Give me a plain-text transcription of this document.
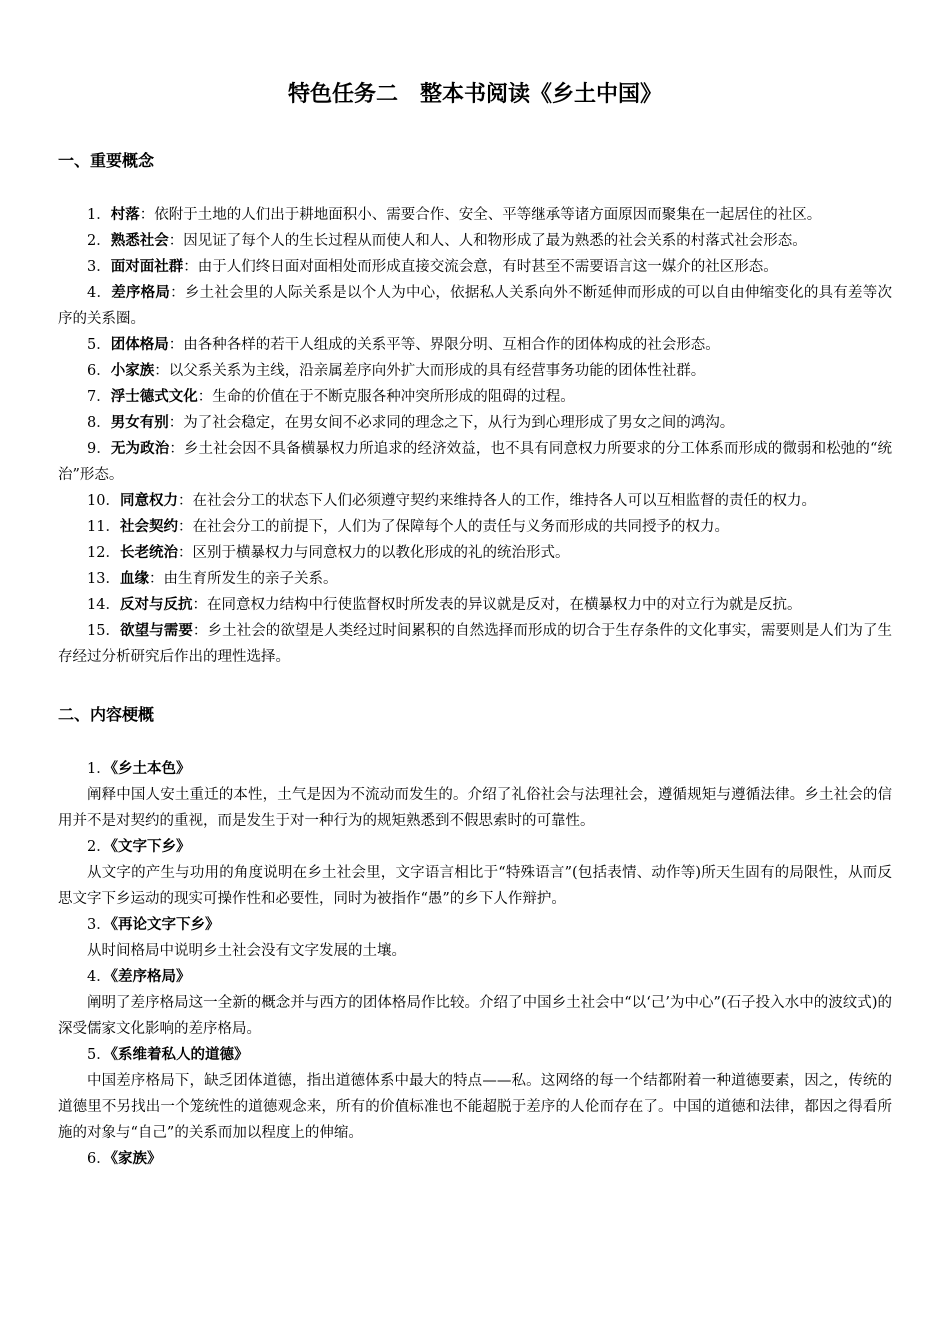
特色任务二　整本书阅读《乡土中国》
一、重要概念

1．村落：依附于土地的人们出于耕地面积小、需要合作、安全、平等继承等诸方面原因而聚集在一起居住的社区。

2．熟悉社会：因见证了每个人的生长过程从而使人和人、人和物形成了最为熟悉的社会关系的村落式社会形态。

3．面对面社群：由于人们终日面对面相处而形成直接交流会意，有时甚至不需要语言这一媒介的社区形态。

4．差序格局：乡土社会里的人际关系是以个人为中心，依据私人关系向外不断延伸而形成的可以自由伸缩变化的具有差等次序的关系圈。

5．团体格局：由各种各样的若干人组成的关系平等、界限分明、互相合作的团体构成的社会形态。

6．小家族：以父系关系为主线，沿亲属差序向外扩大而形成的具有经营事务功能的团体性社群。

7．浮士德式文化：生命的价值在于不断克服各种冲突所形成的阻碍的过程。

8．男女有别：为了社会稳定，在男女间不必求同的理念之下，从行为到心理形成了男女之间的鸿沟。

9．无为政治：乡土社会因不具备横暴权力所追求的经济效益，也不具有同意权力所要求的分工体系而形成的微弱和松弛的“统治”形态。

10．同意权力：在社会分工的状态下人们必须遵守契约来维持各人的工作，维持各人可以互相监督的责任的权力。

11．社会契约：在社会分工的前提下，人们为了保障每个人的责任与义务而形成的共同授予的权力。

12．长老统治：区别于横暴权力与同意权力的以教化形成的礼的统治形式。

13．血缘：由生育所发生的亲子关系。

14．反对与反抗：在同意权力结构中行使监督权时所发表的异议就是反对，在横暴权力中的对立行为就是反抗。

15．欲望与需要：乡土社会的欲望是人类经过时间累积的自然选择而形成的切合于生存条件的文化事实，需要则是人们为了生存经过分析研究后作出的理性选择。

二、内容梗概

1．《乡土本色》

阐释中国人安土重迁的本性，土气是因为不流动而发生的。介绍了礼俗社会与法理社会，遵循规矩与遵循法律。乡土社会的信用并不是对契约的重视，而是发生于对一种行为的规矩熟悉到不假思索时的可靠性。

2．《文字下乡》

从文字的产生与功用的角度说明在乡土社会里，文字语言相比于“特殊语言”(包括表情、动作等)所天生固有的局限性，从而反思文字下乡运动的现实可操作性和必要性，同时为被指作“愚”的乡下人作辩护。

3．《再论文字下乡》

从时间格局中说明乡土社会没有文字发展的土壤。

4．《差序格局》

阐明了差序格局这一全新的概念并与西方的团体格局作比较。介绍了中国乡土社会中“以‘己’为中心”(石子投入水中的波纹式)的深受儒家文化影响的差序格局。

5．《系维着私人的道德》

中国差序格局下，缺乏团体道德，指出道德体系中最大的特点——私。这网络的每一个结都附着一种道德要素，因之，传统的道德里不另找出一个笼统性的道德观念来，所有的价值标准也不能超脱于差序的人伦而存在了。中国的道德和法律，都因之得看所施的对象与“自己”的关系而加以程度上的伸缩。

6．《家族》
